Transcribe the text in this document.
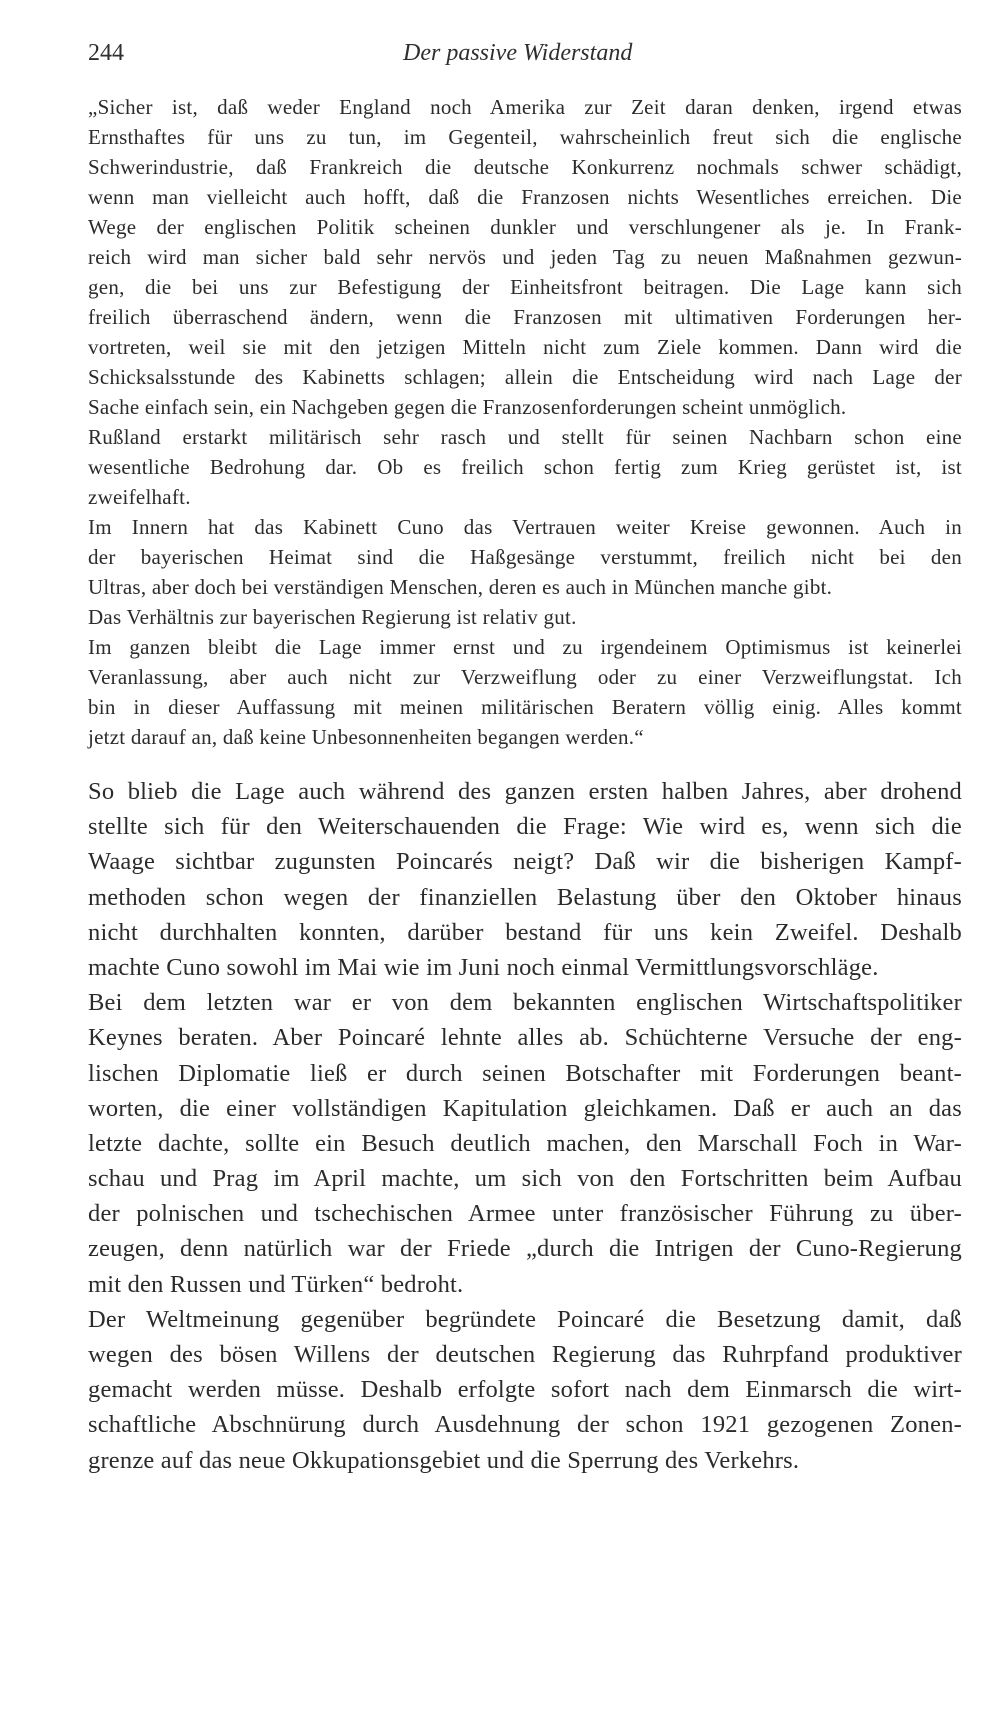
244	Der passive Widerstand
„Sicher ist, daß weder England noch Amerika zur Zeit daran denken, irgend etwas
Ernsthaftes für uns zu tun, im Gegenteil, wahrscheinlich freut sich die englische
Schwerindustrie, daß Frankreich die deutsche Konkurrenz nochmals schwer schädigt,
wenn man vielleicht auch hofft, daß die Franzosen nichts Wesentliches erreichen. Die
Wege der englischen Politik scheinen dunkler und verschlungener als je. In Frank-
reich wird man sicher bald sehr nervös und jeden Tag zu neuen Maßnahmen gezwun-
gen, die bei uns zur Befestigung der Einheitsfront beitragen. Die Lage kann sich
freilich überraschend ändern, wenn die Franzosen mit ultimativen Forderungen her-
vortreten, weil sie mit den jetzigen Mitteln nicht zum Ziele kommen. Dann wird die
Schicksalsstunde des Kabinetts schlagen; allein die Entscheidung wird nach Lage der
Sache einfach sein, ein Nachgeben gegen die Franzosenforderungen scheint unmöglich.
Rußland erstarkt militärisch sehr rasch und stellt für seinen Nachbarn schon eine
wesentliche Bedrohung dar. Ob es freilich schon fertig zum Krieg gerüstet ist, ist
zweifelhaft.
Im Innern hat das Kabinett Cuno das Vertrauen weiter Kreise gewonnen. Auch in
der bayerischen Heimat sind die Haßgesänge verstummt, freilich nicht bei den
Ultras, aber doch bei verständigen Menschen, deren es auch in München manche gibt.
Das Verhältnis zur bayerischen Regierung ist relativ gut.
Im ganzen bleibt die Lage immer ernst und zu irgendeinem Optimismus ist keinerlei
Veranlassung, aber auch nicht zur Verzweiflung oder zu einer Verzweiflungstat. Ich
bin in dieser Auffassung mit meinen militärischen Beratern völlig einig. Alles kommt
jetzt darauf an, daß keine Unbesonnenheiten begangen werden.“
So blieb die Lage auch während des ganzen ersten halben Jahres, aber drohend
stellte sich für den Weiterschauenden die Frage: Wie wird es, wenn sich die
Waage sichtbar zugunsten Poincarés neigt? Daß wir die bisherigen Kampf-
methoden schon wegen der finanziellen Belastung über den Oktober hinaus
nicht durchhalten konnten, darüber bestand für uns kein Zweifel. Deshalb
machte Cuno sowohl im Mai wie im Juni noch einmal Vermittlungsvorschläge.
Bei dem letzten war er von dem bekannten englischen Wirtschaftspolitiker
Keynes beraten. Aber Poincaré lehnte alles ab. Schüchterne Versuche der eng-
lischen Diplomatie ließ er durch seinen Botschafter mit Forderungen beant-
worten, die einer vollständigen Kapitulation gleichkamen. Daß er auch an das
letzte dachte, sollte ein Besuch deutlich machen, den Marschall Foch in War-
schau und Prag im April machte, um sich von den Fortschritten beim Aufbau
der polnischen und tschechischen Armee unter französischer Führung zu über-
zeugen, denn natürlich war der Friede „durch die Intrigen der Cuno-Regierung
mit den Russen und Türken“ bedroht.
Der Weltmeinung gegenüber begründete Poincaré die Besetzung damit, daß
wegen des bösen Willens der deutschen Regierung das Ruhrpfand produktiver
gemacht werden müsse. Deshalb erfolgte sofort nach dem Einmarsch die wirt-
schaftliche Abschnürung durch Ausdehnung der schon 1921 gezogenen Zonen-
grenze auf das neue Okkupationsgebiet und die Sperrung des Verkehrs.
